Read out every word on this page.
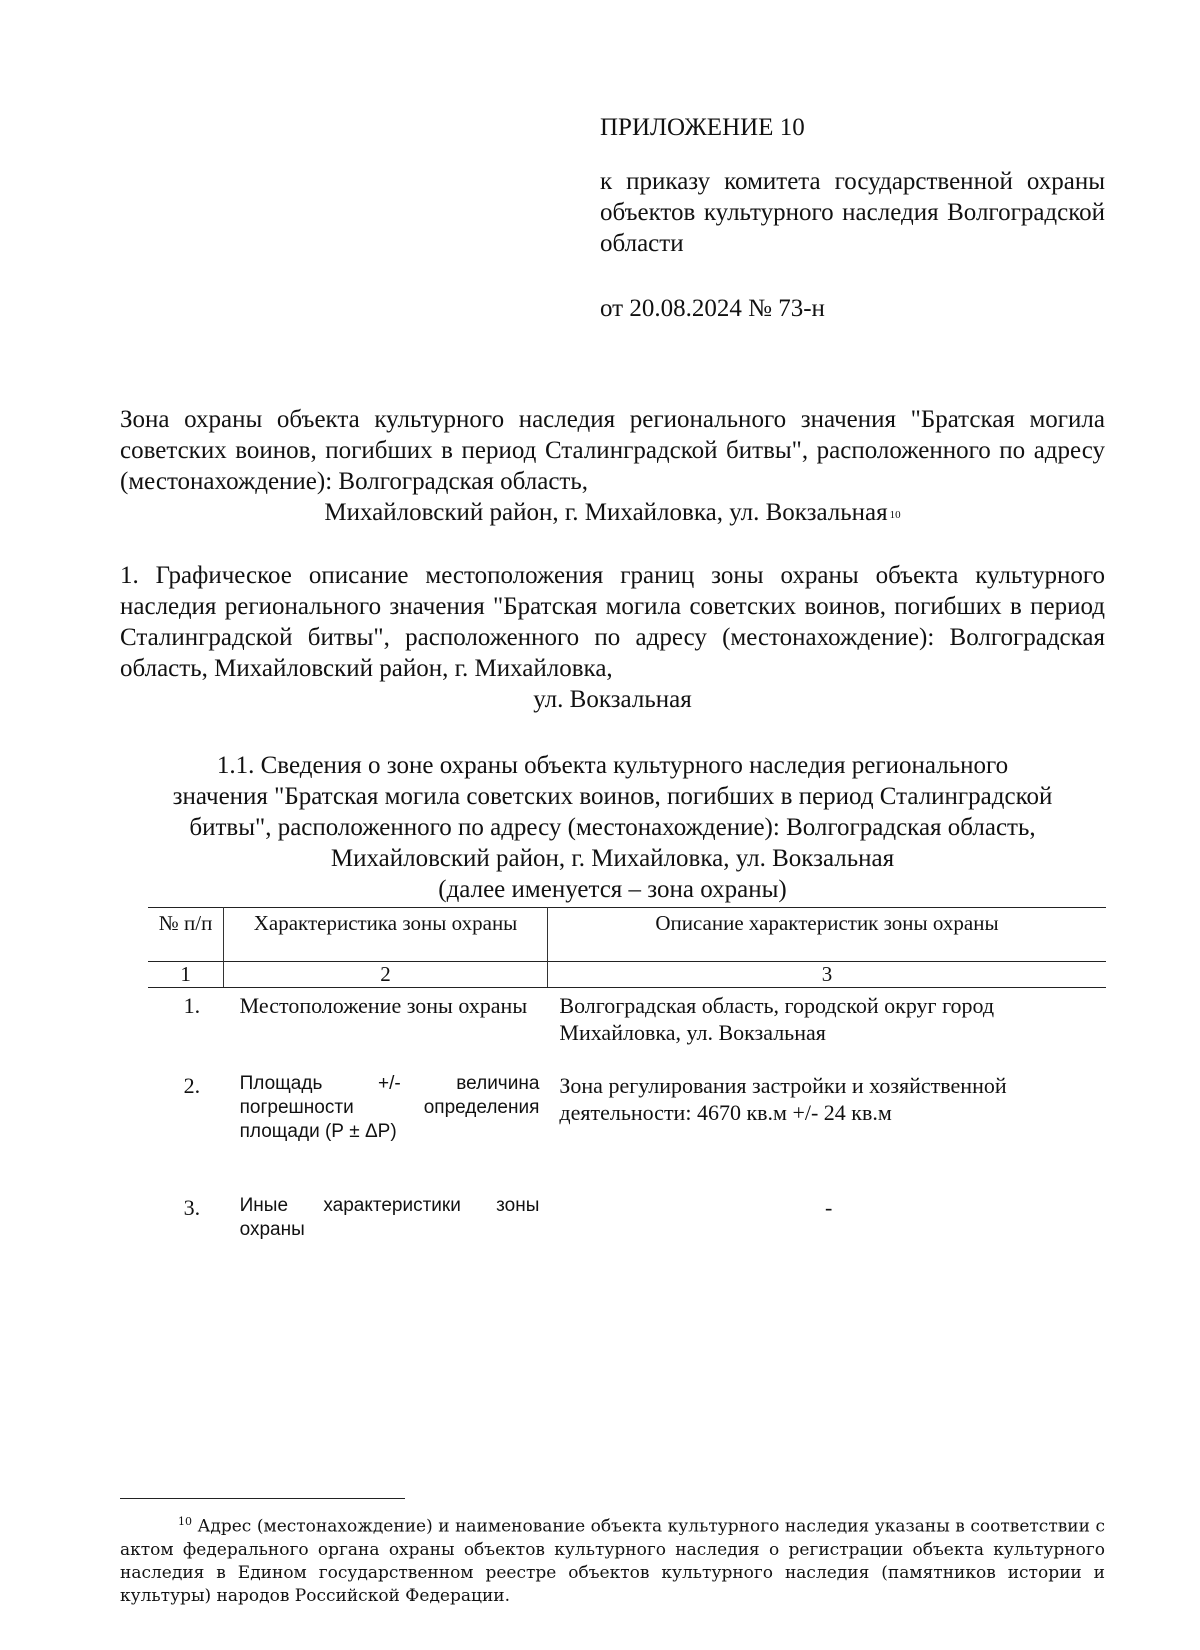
ПРИЛОЖЕНИЕ 10
к приказу комитета государственной охраны объектов культурного наследия Волгоградской области
от 20.08.2024 № 73-н
Зона охраны объекта культурного наследия регионального значения "Братская могила советских воинов, погибших в период Сталинградской битвы", расположенного по адресу (местонахождение): Волгоградская область,
Михайловский район, г. Михайловка, ул. Вокзальная $^{10}$
1. Графическое описание местоположения границ зоны охраны объекта культурного наследия регионального значения "Братская могила советских воинов, погибших в период Сталинградской битвы", расположенного по адресу (местонахождение): Волгоградская область, Михайловский район, г. Михайловка,
ул. Вокзальная
1.1. Сведения о зоне охраны объекта культурного наследия регионального
значения "Братская могила советских воинов, погибших в период Сталинградской
битвы", расположенного по адресу (местонахождение): Волгоградская область,
Михайловский район, г. Михайловка, ул. Вокзальная
(далее именуется – зона охраны)
№ п/п	Характеристика зоны охраны	Описание характеристик зоны охраны
1	2	3
1.	Местоположение зоны охраны	Волгоградская область, городской округ город Михайловка, ул. Вокзальная
2.	Площадь +/- величина погрешности определения площади (Р ± ΔР)	Зона регулирования застройки и хозяйственной деятельности: 4670 кв.м +/- 24 кв.м
3.	Иные характеристики зоны охраны	-
$^{10}$ Адрес (местонахождение) и наименование объекта культурного наследия указаны в соответствии с актом федерального органа охраны объектов культурного наследия о регистрации объекта культурного наследия в Едином государственном реестре объектов культурного наследия (памятников истории и культуры) народов Российской Федерации.
